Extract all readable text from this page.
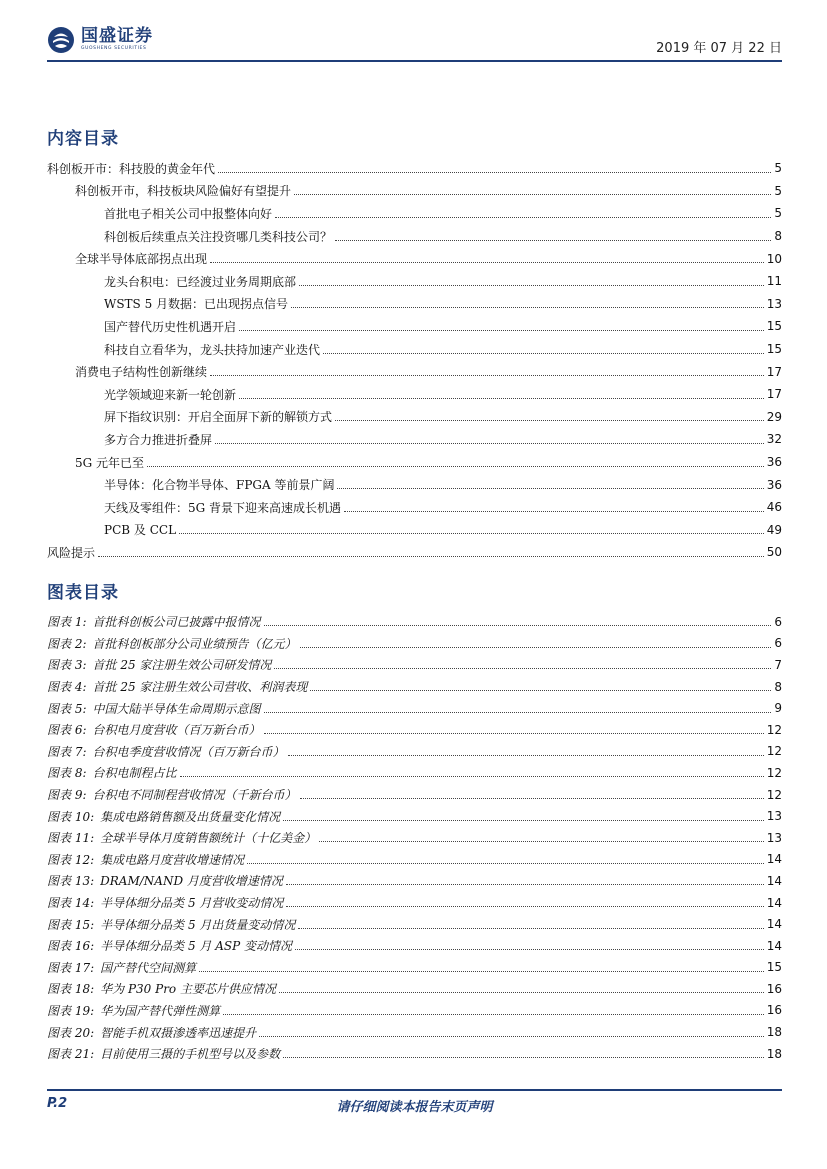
国盛证券
GUOSHENG SECURITIES	2019 年 07 月 22 日
内容目录
科创板开市：科技股的黄金年代	5
科创板开市，科技板块风险偏好有望提升	5
首批电子相关公司中报整体向好	5
科创板后续重点关注投资哪几类科技公司？	8
全球半导体底部拐点出现	10
龙头台积电：已经渡过业务周期底部	11
WSTS 5 月数据：已出现拐点信号	13
国产替代历史性机遇开启	15
科技自立看华为，龙头扶持加速产业迭代	15
消费电子结构性创新继续	17
光学领域迎来新一轮创新	17
屏下指纹识别：开启全面屏下新的解锁方式	29
多方合力推进折叠屏	32
5G 元年已至	36
半导体：化合物半导体、FPGA 等前景广阔	36
天线及零组件：5G 背景下迎来高速成长机遇	46
PCB 及 CCL	49
风险提示	50
图表目录
图表 1: 首批科创板公司已披露中报情况	6
图表 2: 首批科创板部分公司业绩预告（亿元）	6
图表 3: 首批 25 家注册生效公司研发情况	7
图表 4: 首批 25 家注册生效公司营收、利润表现	8
图表 5: 中国大陆半导体生命周期示意图	9
图表 6: 台积电月度营收（百万新台币）	12
图表 7: 台积电季度营收情况（百万新台币）	12
图表 8: 台积电制程占比	12
图表 9: 台积电不同制程营收情况（千新台币）	12
图表 10: 集成电路销售额及出货量变化情况	13
图表 11: 全球半导体月度销售额统计（十亿美金）	13
图表 12: 集成电路月度营收增速情况	14
图表 13: DRAM/NAND 月度营收增速情况	14
图表 14: 半导体细分品类 5 月营收变动情况	14
图表 15: 半导体细分品类 5 月出货量变动情况	14
图表 16: 半导体细分品类 5 月 ASP 变动情况	14
图表 17: 国产替代空间测算	15
图表 18: 华为 P30 Pro 主要芯片供应情况	16
图表 19: 华为国产替代弹性测算	16
图表 20: 智能手机双摄渗透率迅速提升	18
图表 21: 目前使用三摄的手机型号以及参数	18
P.2	请仔细阅读本报告末页声明
